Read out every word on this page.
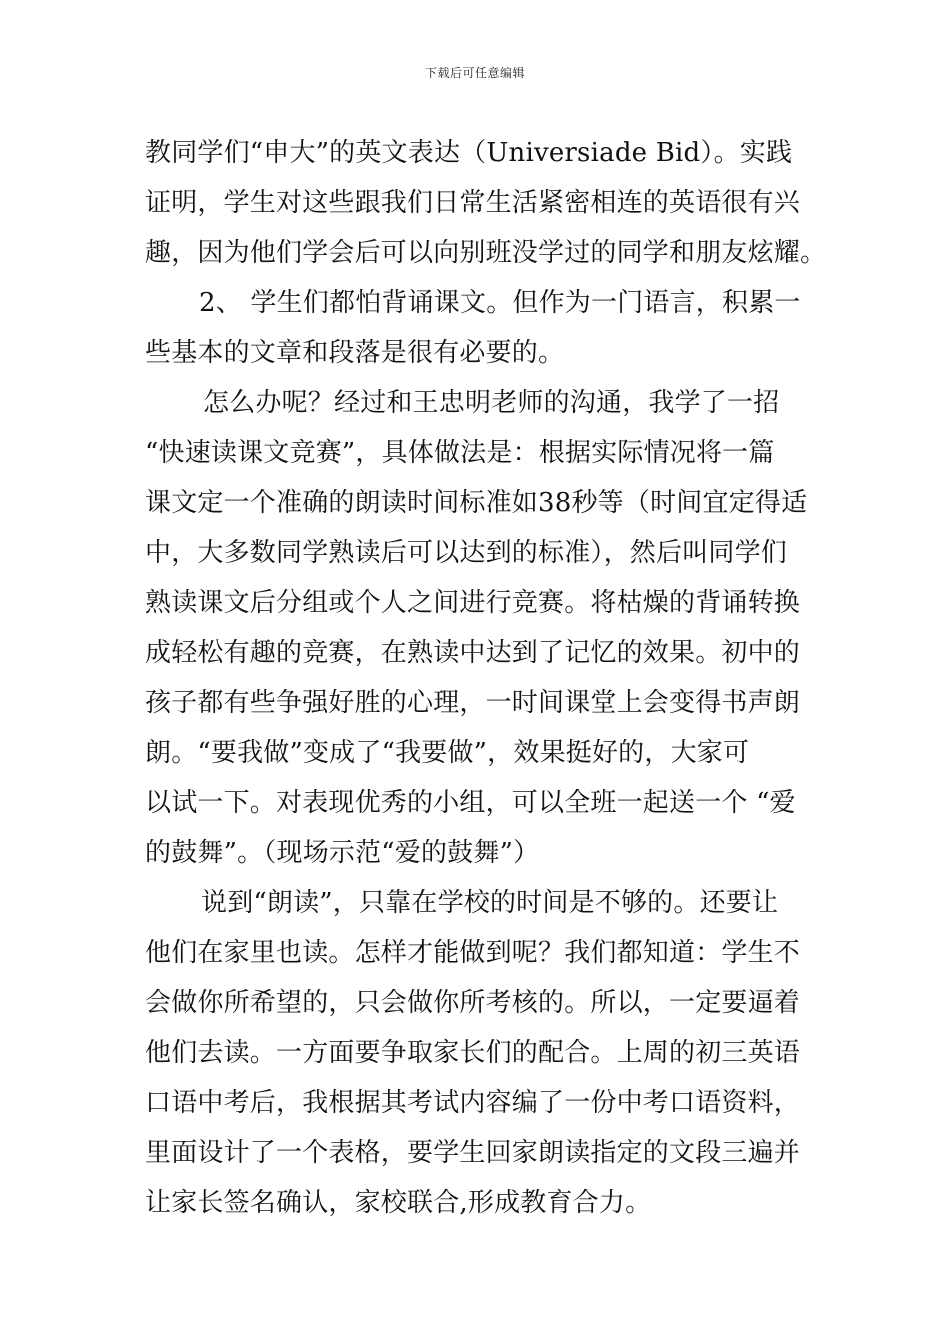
下载后可任意编辑
教同学们“申大”的英文表达（Universiade Bid）。实践
证明，学生对这些跟我们日常生活紧密相连的英语很有兴
趣，因为他们学会后可以向别班没学过的同学和朋友炫耀。
2、 学生们都怕背诵课文。但作为一门语言，积累一
些基本的文章和段落是很有必要的。
怎么办呢？经过和王忠明老师的沟通，我学了一招
“快速读课文竞赛”，具体做法是：根据实际情况将一篇
课文定一个准确的朗读时间标准如38秒等（时间宜定得适
中，大多数同学熟读后可以达到的标准），然后叫同学们
熟读课文后分组或个人之间进行竞赛。将枯燥的背诵转换
成轻松有趣的竞赛，在熟读中达到了记忆的效果。初中的
孩子都有些争强好胜的心理，一时间课堂上会变得书声朗
朗。“要我做”变成了“我要做”，效果挺好的，大家可
以试一下。对表现优秀的小组，可以全班一起送一个 “爱
的鼓舞”。（现场示范“爱的鼓舞”）
说到“朗读”，只靠在学校的时间是不够的。还要让
他们在家里也读。怎样才能做到呢？我们都知道：学生不
会做你所希望的，只会做你所考核的。所以，一定要逼着
他们去读。一方面要争取家长们的配合。上周的初三英语
口语中考后，我根据其考试内容编了一份中考口语资料，
里面设计了一个表格，要学生回家朗读指定的文段三遍并
让家长签名确认，家校联合,形成教育合力。
